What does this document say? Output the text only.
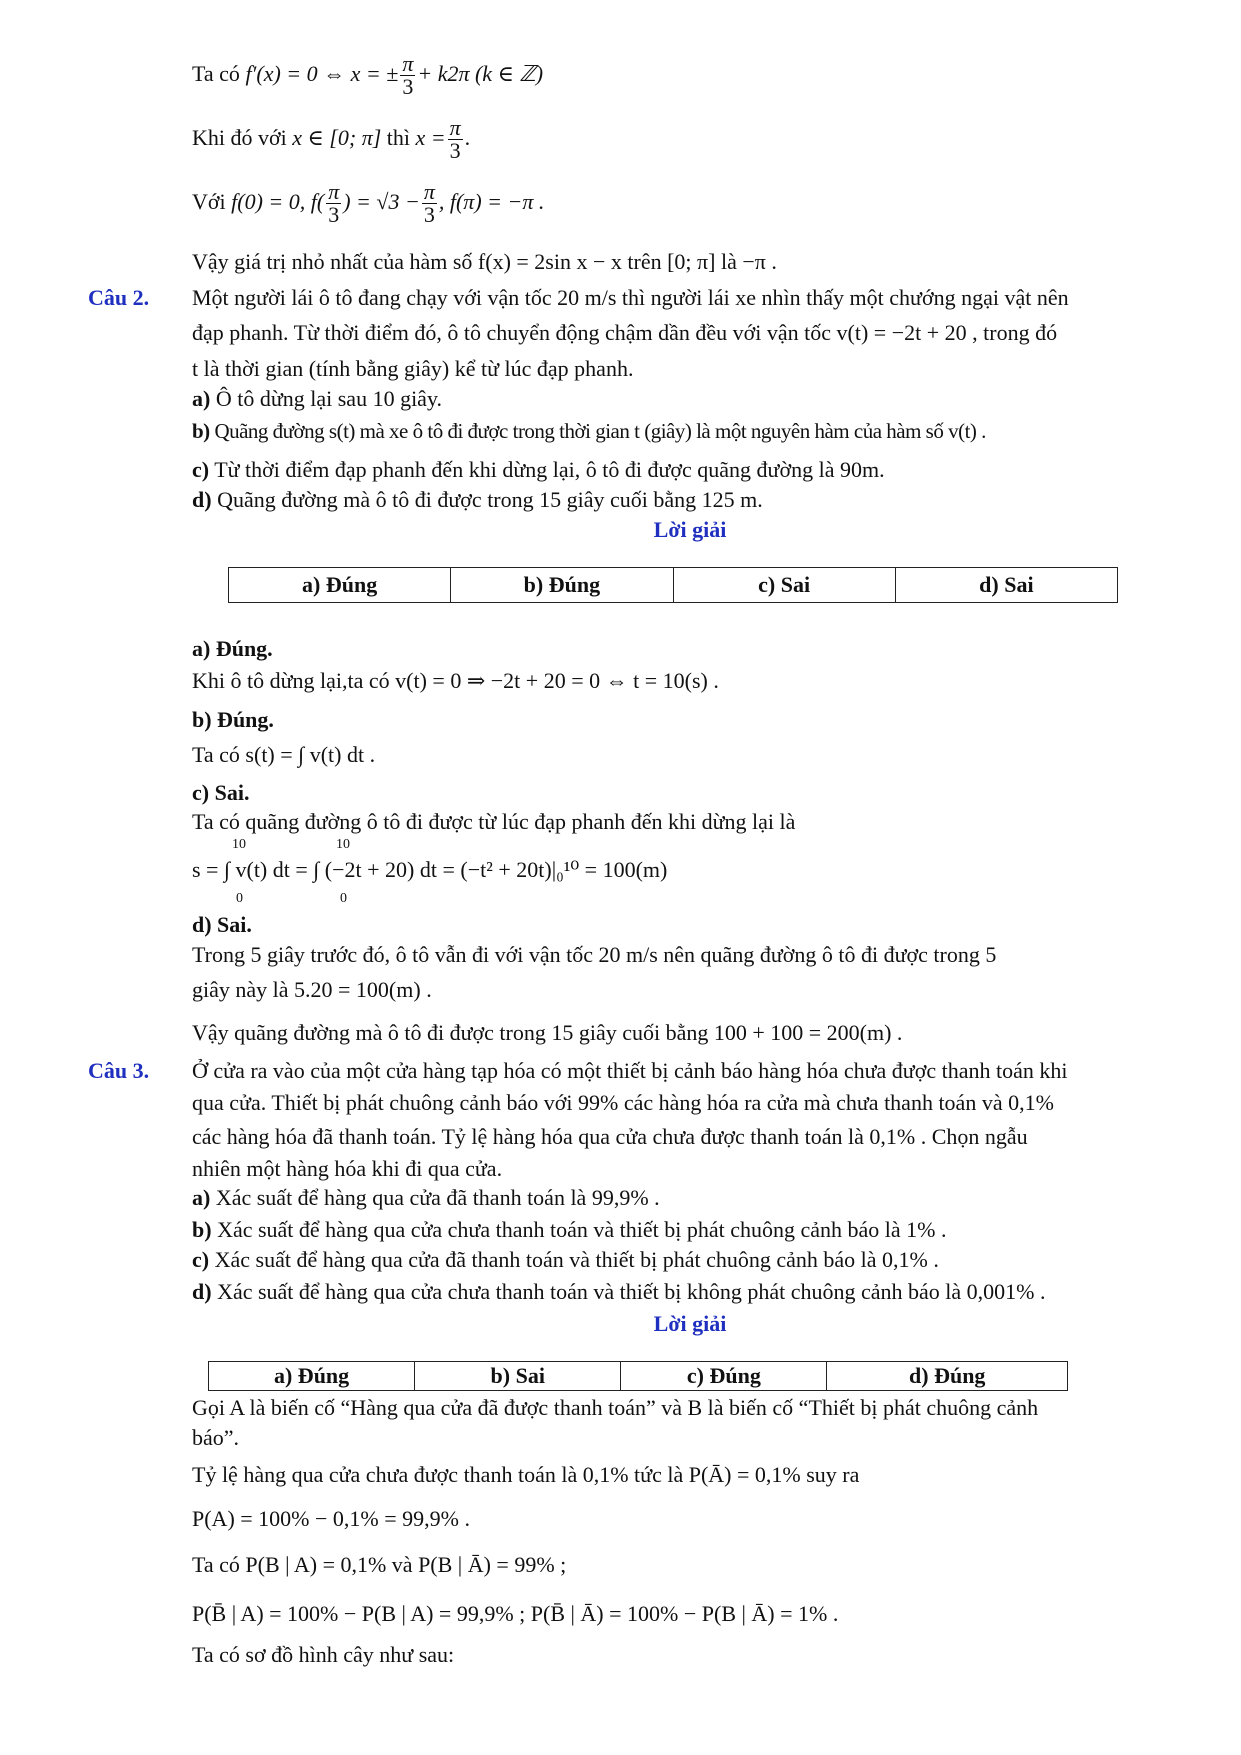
Ta có f′(x) = 0 ⇔ x = ± $\frac{\pi}{3} + k2\pi$ (k ∈ ℤ)
Khi đó với x ∈ [0; π] thì $x = \frac{\pi}{3}$ .
Với f(0) = 0, $f( \frac{\pi}{3}$ ) = $√3 - \frac{\pi}{3}$ , f(π) = −π .
Vậy giá trị nhỏ nhất của hàm số f(x) = 2sin x − x trên [0; π] là −π .
Câu 2. Một người lái ô tô đang chạy với vận tốc 20 m/s thì người lái xe nhìn thấy một chướng ngại vật nên
đạp phanh. Từ thời điểm đó, ô tô chuyển động chậm dần đều với vận tốc v(t) = −2t + 20 , trong đó
t là thời gian (tính bằng giây) kể từ lúc đạp phanh.
a) Ô tô dừng lại sau 10 giây.
b) Quãng đường s(t) mà xe ô tô đi được trong thời gian t (giây) là một nguyên hàm của hàm số v(t) .
c) Từ thời điểm đạp phanh đến khi dừng lại, ô tô đi được quãng đường là 90m.
d) Quãng đường mà ô tô đi được trong 15 giây cuối bằng 125 m.
Lời giải
a) Đúng	b) Đúng	c) Sai	d) Sai
a) Đúng.
Khi ô tô dừng lại,ta có v(t) = 0 ⇒ −2t + 20 = 0 ⇔ t = 10(s) .
b) Đúng.
Ta có s(t) = ∫ v(t) dt .
c) Sai.
Ta có quãng đường ô tô đi được từ lúc đạp phanh đến khi dừng lại là
10	10
s = ∫ v(t) dt = ∫ (−2t + 20) dt = (−t² + 20t)|₀¹⁰ = 100(m)
0	0
d) Sai.
Trong 5 giây trước đó, ô tô vẫn đi với vận tốc 20 m/s nên quãng đường ô tô đi được trong 5
giây này là 5.20 = 100(m) .
Vậy quãng đường mà ô tô đi được trong 15 giây cuối bằng 100 + 100 = 200(m) .
Câu 3. Ở cửa ra vào của một cửa hàng tạp hóa có một thiết bị cảnh báo hàng hóa chưa được thanh toán khi
qua cửa. Thiết bị phát chuông cảnh báo với 99% các hàng hóa ra cửa mà chưa thanh toán và 0,1%
các hàng hóa đã thanh toán. Tỷ lệ hàng hóa qua cửa chưa được thanh toán là 0,1% . Chọn ngẫu
nhiên một hàng hóa khi đi qua cửa.
a) Xác suất để hàng qua cửa đã thanh toán là 99,9% .
b) Xác suất để hàng qua cửa chưa thanh toán và thiết bị phát chuông cảnh báo là 1% .
c) Xác suất để hàng qua cửa đã thanh toán và thiết bị phát chuông cảnh báo là 0,1% .
d) Xác suất để hàng qua cửa chưa thanh toán và thiết bị không phát chuông cảnh báo là 0,001% .
Lời giải
a) Đúng	b) Sai	c) Đúng	d) Đúng
Gọi A là biến cố “Hàng qua cửa đã được thanh toán” và B là biến cố “Thiết bị phát chuông cảnh
báo”.
Tỷ lệ hàng qua cửa chưa được thanh toán là 0,1% tức là P(Ā) = 0,1% suy ra
P(A) = 100% − 0,1% = 99,9% .
Ta có P(B | A) = 0,1% và P(B | Ā) = 99% ;
P(B̄ | A) = 100% − P(B | A) = 99,9% ; P(B̄ | Ā) = 100% − P(B | Ā) = 1% .
Ta có sơ đồ hình cây như sau:
